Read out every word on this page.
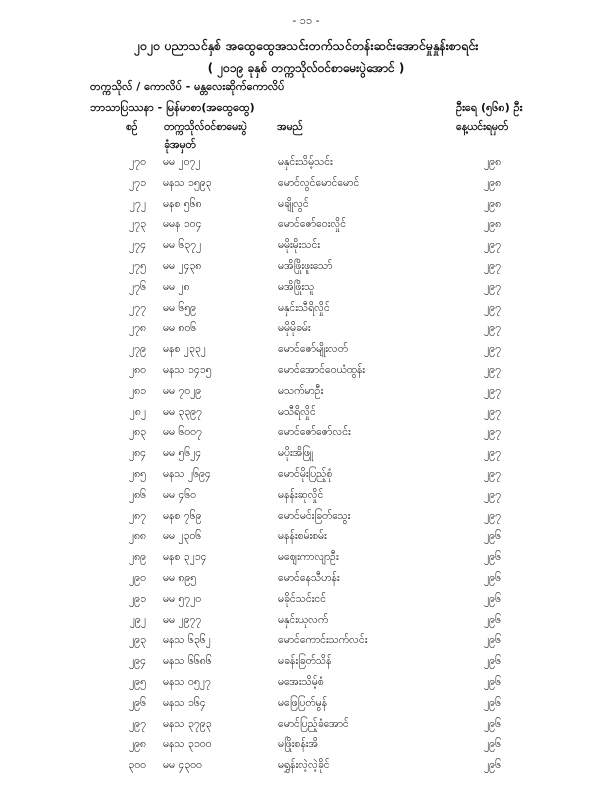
- ၁၁ -
၂၀၂၀ ပညာသင်နှစ် အထွေထွေအသင်းတက်သင်တန်းဆင်းအောင်မှုနှုန်းစာရင်း
( ၂၀၁၉ ခုနှစ် တက္ကသိုလ်ဝင်စာမေးပွဲအောင် )
တက္ကသိုလ် / ကောလိပ် - မန္တလေးဆိုက်ကောလိပ်
ဘာသာပြဿနာ - မြန်မာစာ(အထွေထွေ)	ဦးရေ (၅၆၈) ဦး
စဉ်	တက္ကသိုလ်ဝင်စာမေးပွဲ
ခုံအမှတ်
အမည်	နေ့ယင်းရမှတ်
၂၇၀ မမ ၂၀၇၂	မနှင်းသိမ့်သင်း	၂၉၈
၂၇၁ မနသ ၁၅၉၃	မောင်လွင်မောင်မောင်	၂၉၈
၂၇၂ မနစ ၅၆၈	မချိုလွင်	၂၉၈
၂၇၃ မမန ၁၀၄	မောင်ဇော်ဝေးလှိုင်	၂၉၈
၂၇၄ မမ ၆၃၇၂	မမိုးမိုးသင်း	၂၉၇
၂၇၅ မမ ၂၄၃၈	မအိဖြိုးဖူးသော်	၂၉၇
၂၇၆ မမ ၂၈	မအိဖြိုးသူ	၂၉၇
၂၇၇ မမ ၆၅၉	မနှင်းသီရိလှိုင်	၂၉၇
၂၇၈ မမ ၈၀၆	မမိုမိုခမ်း	၂၉၇
၂၇၉ မနစ ၂၃၃၂	မောင်ဇော်မျိုးလတ်	၂၉၇
၂၈၀ မနသ ၁၄၁၅	မောင်အောင်ဝေယံထွန်း	၂၉၇
၂၈၁ မမ ၇၀၂၉	မသက်မာဦး	၂၉၇
၂၈၂ မမ ၃၃၉၇	မသီရိလှိုင်	၂၉၇
၂၈၃ မမ ၆၀၀၇	မောင်ဇော်ဇော်လင်း	၂၉၇
၂၈၄ မမ ၅၆၂၄	မပိုးအိဖြူ	၂၉၇
၂၈၅ မနသ ၂၆၉၄	မောင်မိုးပြည့်စုံ	၂၉၇
၂၈၆ မမ ၄၆၀	မနန်းဆုလှိုင်	၂၉၇
၂၈၇ မနစ ၇၆၉	မောင်မင်းခြတ်သွေး	၂၉၇
၂၈၈ မမ ၂၃၀၆	မနန်းစမ်းစမ်း	၂၉၆
၂၈၉ မနစ ၃၂၁၄	မဈေးကာလျာဦး	၂၉၆
၂၉၀ မမ ၈၉၅	မောင်နေသီဟန်း	၂၉၆
၂၉၁ မမ ၅၇၂၀	မခိုင်သင်းငင်	၂၉၆
၂၉၂ မမ ၂၉၇၇	မနှင်းယုလက်	၂၉၆
၂၉၃ မနသ ၆၃၆၂	မောင်ကောင်းသက်လင်း	၂၉၆
၂၉၄ မနသ ၆၆၈၆	မခန်းခြတ်သိန်	၂၉၆
၂၉၅ မနသ ၀၅၂၇	မအေးသိမ့်စံ	၂၉၆
၂၉၆ မနသ ၁၆၄	မဖြေပြတ်မွန်	၂၉၆
၂၉၇ မနသ ၃၇၉၃	မောင်ပြည့်ခံအောင်	၂၉၆
၂၉၈ မနသ ၃၁၀၀	မဖြိုးစန်းအိ	၂၉၆
၃၀၀ မမ ၄၃၀၀	မရွှန်းလဲ့လဲ့ခိုင်	၂၉၆
